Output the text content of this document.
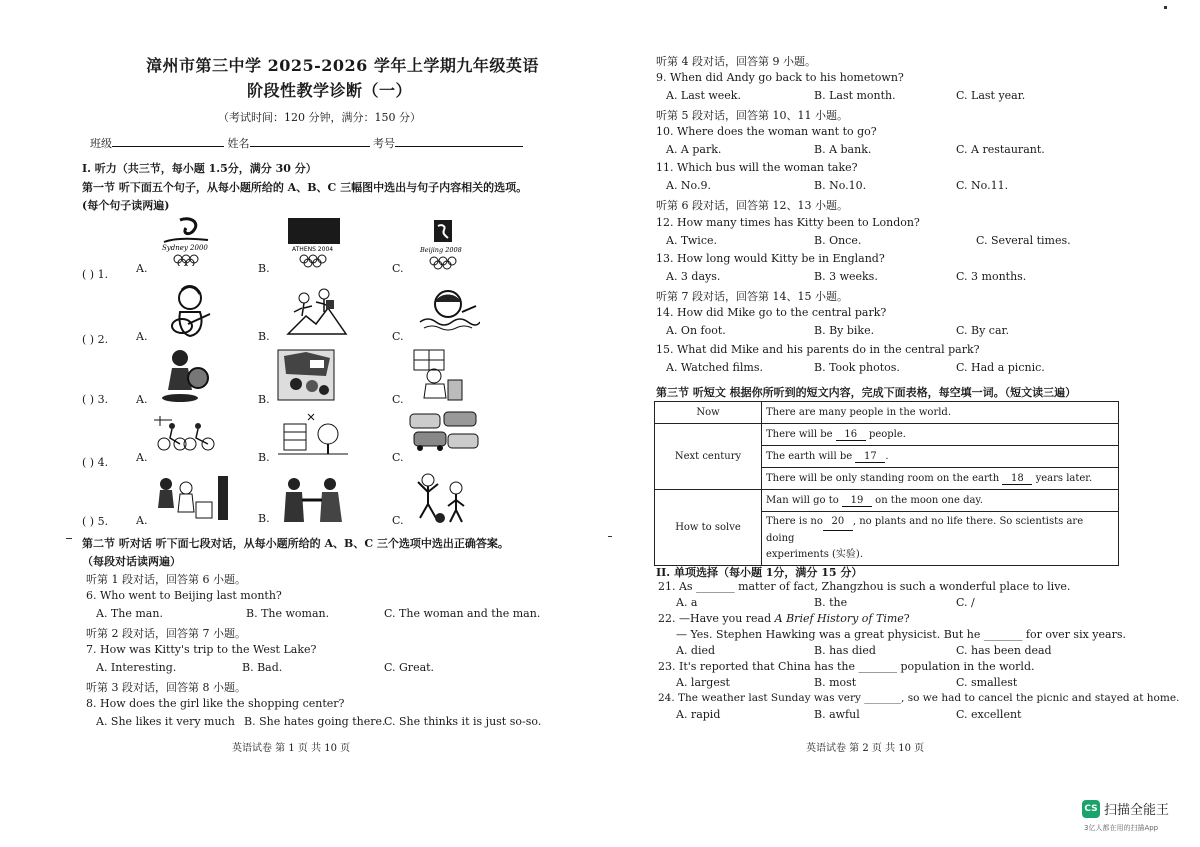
漳州市第三中学 2025-2026 学年上学期九年级英语
阶段性教学诊断（一）
（考试时间：120 分钟，满分：150 分）
班级	姓名	考号
I. 听力（共三节，每小题 1.5分，满分 30 分）
第一节 听下面五个句子，从每小题所给的 A、B、C 三幅图中选出与句子内容相关的选项。
(每个句子读两遍)
( ) 1.	A.	B.	C.
Sydney 2000	ATHENS 2004	Beijing 2008
( ) 2.	A.	B.	C.
( ) 3.	A.	B.	C.
( ) 4.	A.	B.	C.
( ) 5.	A.	B.	C.
第二节 听对话 听下面七段对话，从每小题所给的 A、B、C 三个选项中选出正确答案。
（每段对话读两遍）
听第 1 段对话，回答第 6 小题。
6. Who went to Beijing last month?
A. The man.	B. The woman.	C. The woman and the man.
听第 2 段对话，回答第 7 小题。
7. How was Kitty's trip to the West Lake?
A. Interesting.	B. Bad.	C. Great.
听第 3 段对话，回答第 8 小题。
8. How does the girl like the shopping center?
A. She likes it very much B. She hates going there.
C. She thinks it is just so-so.
英语试卷 第 1 页 共 10 页
听第 4 段对话，回答第 9 小题。
9. When did Andy go back to his hometown?
A. Last week.	B. Last month.	C. Last year.
听第 5 段对话，回答第 10、11 小题。
10. Where does the woman want to go?
A. A park.	B. A bank.	C. A restaurant.
11. Which bus will the woman take?
A. No.9.	B. No.10.	C. No.11.
听第 6 段对话，回答第 12、13 小题。
12. How many times has Kitty been to London?
A. Twice.	B. Once.	C. Several times.
13. How long would Kitty be in England?
A. 3 days.	B. 3 weeks.	C. 3 months.
听第 7 段对话，回答第 14、15 小题。
14. How did Mike go to the central park?
A. On foot.	B. By bike.	C. By car.
15. What did Mike and his parents do in the central park?
A. Watched films.	B. Took photos.	C. Had a picnic.
第三节 听短文 根据你所听到的短文内容，完成下面表格，每空填一词。（短文读三遍）
Now	There are many people in the world.
Next century	There will be 16 people.
	The earth will be 17 .
	There will be only standing room on the earth 18 years later.
How to solve	Man will go to 19 on the moon one day.
	There is no 20 , no plants and no life there. So scientists are doing
experiments (实验).
II. 单项选择（每小题 1分，满分 15 分）
21. As _______ matter of fact, Zhangzhou is such a wonderful place to live.
A. a	B. the	C. /
22. —Have you read A Brief History of Time?
— Yes. Stephen Hawking was a great physicist. But he _______ for over six years.
A. died	B. has died	C. has been dead
23. It's reported that China has the _______ population in the world.
A. largest	B. most	C. smallest
24. The weather last Sunday was very _______, so we had to cancel the picnic and stayed at home.
A. rapid	B. awful	C. excellent
英语试卷 第 2 页 共 10 页
CS 扫描全能王
3亿人都在用的扫描App
